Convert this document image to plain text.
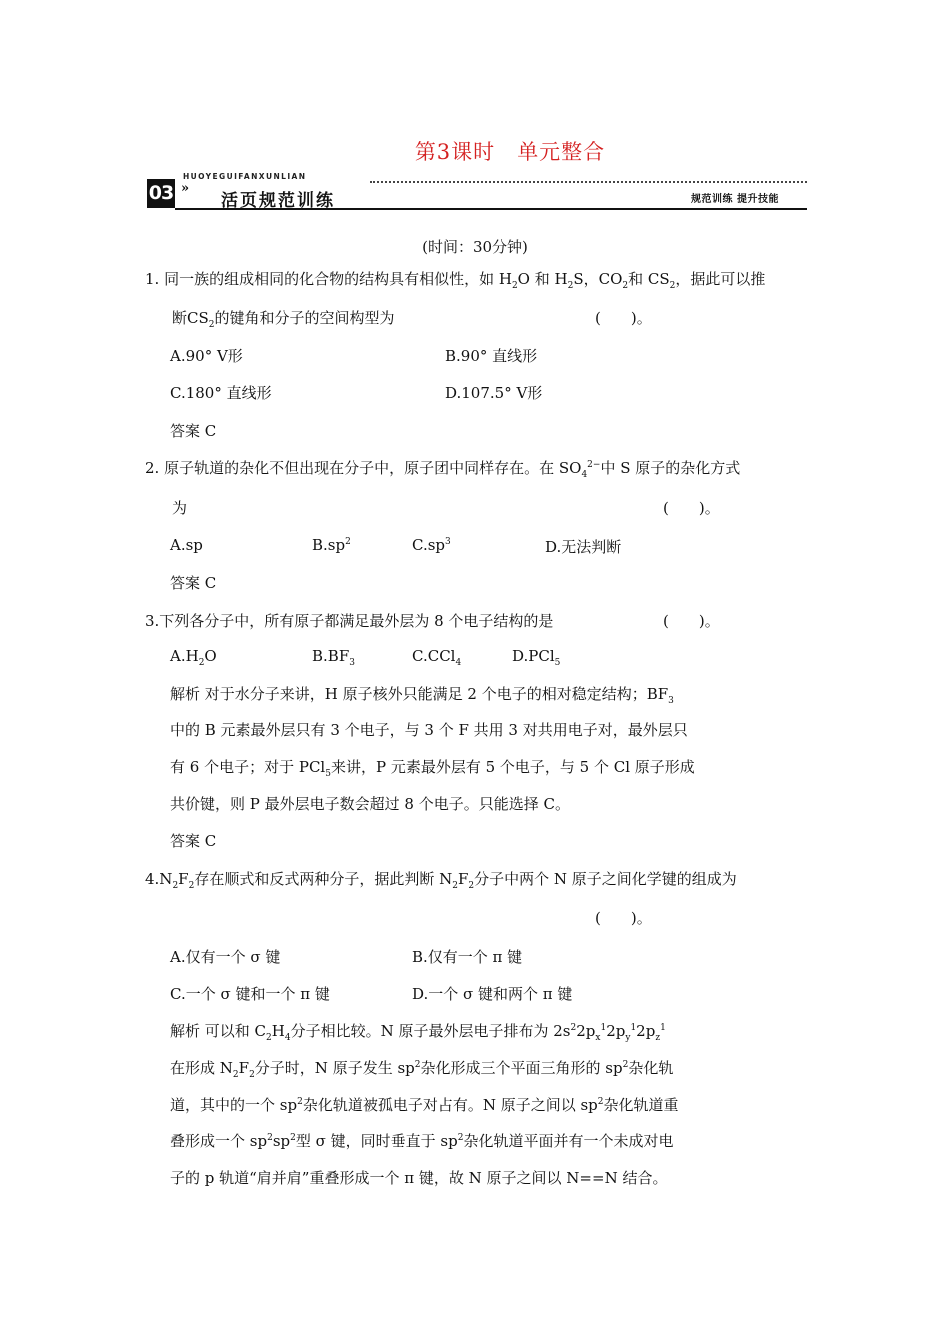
第3课时 单元整合
HUOYEGUIFANXUNLIAN
03 »
活页规范训练	规范训练 提升技能
(时间：30分钟)
1. 同一族的组成相同的化合物的结构具有相似性，如 $H_2O$ 和 $H_2S$，$CO_2$和 $CS_2$，据此可以推
断$CS_2$的键角和分子的空间构型为	(　　)。
A.90° V形	B.90° 直线形
C.180° 直线形	D.107.5° V形
答案 C
2. 原子轨道的杂化不但出现在分子中，原子团中同样存在。在 $SO_4^{2-}$中 S 原子的杂化方式
为	(　　)。
A.sp	$B.sp^2$	$C.sp^3$	D.无法判断
答案 C
3.下列各分子中，所有原子都满足最外层为 8 个电子结构的是	(　　)。
$A.H_2O$	$B.BF_3$	C.CCl$_4$	D.PCl$_5$
解析 对于水分子来讲，H 原子核外只能满足 2 个电子的相对稳定结构；$BF_3$
中的 B 元素最外层只有 3 个电子，与 3 个 F 共用 3 对共用电子对，最外层只
有 6 个电子；对于 PCl$_5$来讲，P 元素最外层有 5 个电子，与 5 个 Cl 原子形成
共价键，则 P 最外层电子数会超过 8 个电子。只能选择 C。
答案 C
$4.N_2F_2$存在顺式和反式两种分子，据此判断 $N_2F_2$分子中两个 N 原子之间化学键的组成为
(　　)。
A.仅有一个 σ 键	B.仅有一个 π 键
C.一个 σ 键和一个 π 键	D.一个 σ 键和两个 π 键
解析 可以和 $C_2H_4$分子相比较。N 原子最外层电子排布为 $2s^22p_x^12p_y^12p_z^1$
在形成 $N_2F_2$分子时，N 原子发生 $sp^2$杂化形成三个平面三角形的 $sp^2$杂化轨
道，其中的一个 $sp^2$杂化轨道被孤电子对占有。N 原子之间以 $sp^2$杂化轨道重
叠形成一个 $sp^2sp^2$型 σ 键，同时垂直于 $sp^2$杂化轨道平面并有一个未成对电
子的 p 轨道“肩并肩”重叠形成一个 π 键，故 N 原子之间以 N==N 结合。
